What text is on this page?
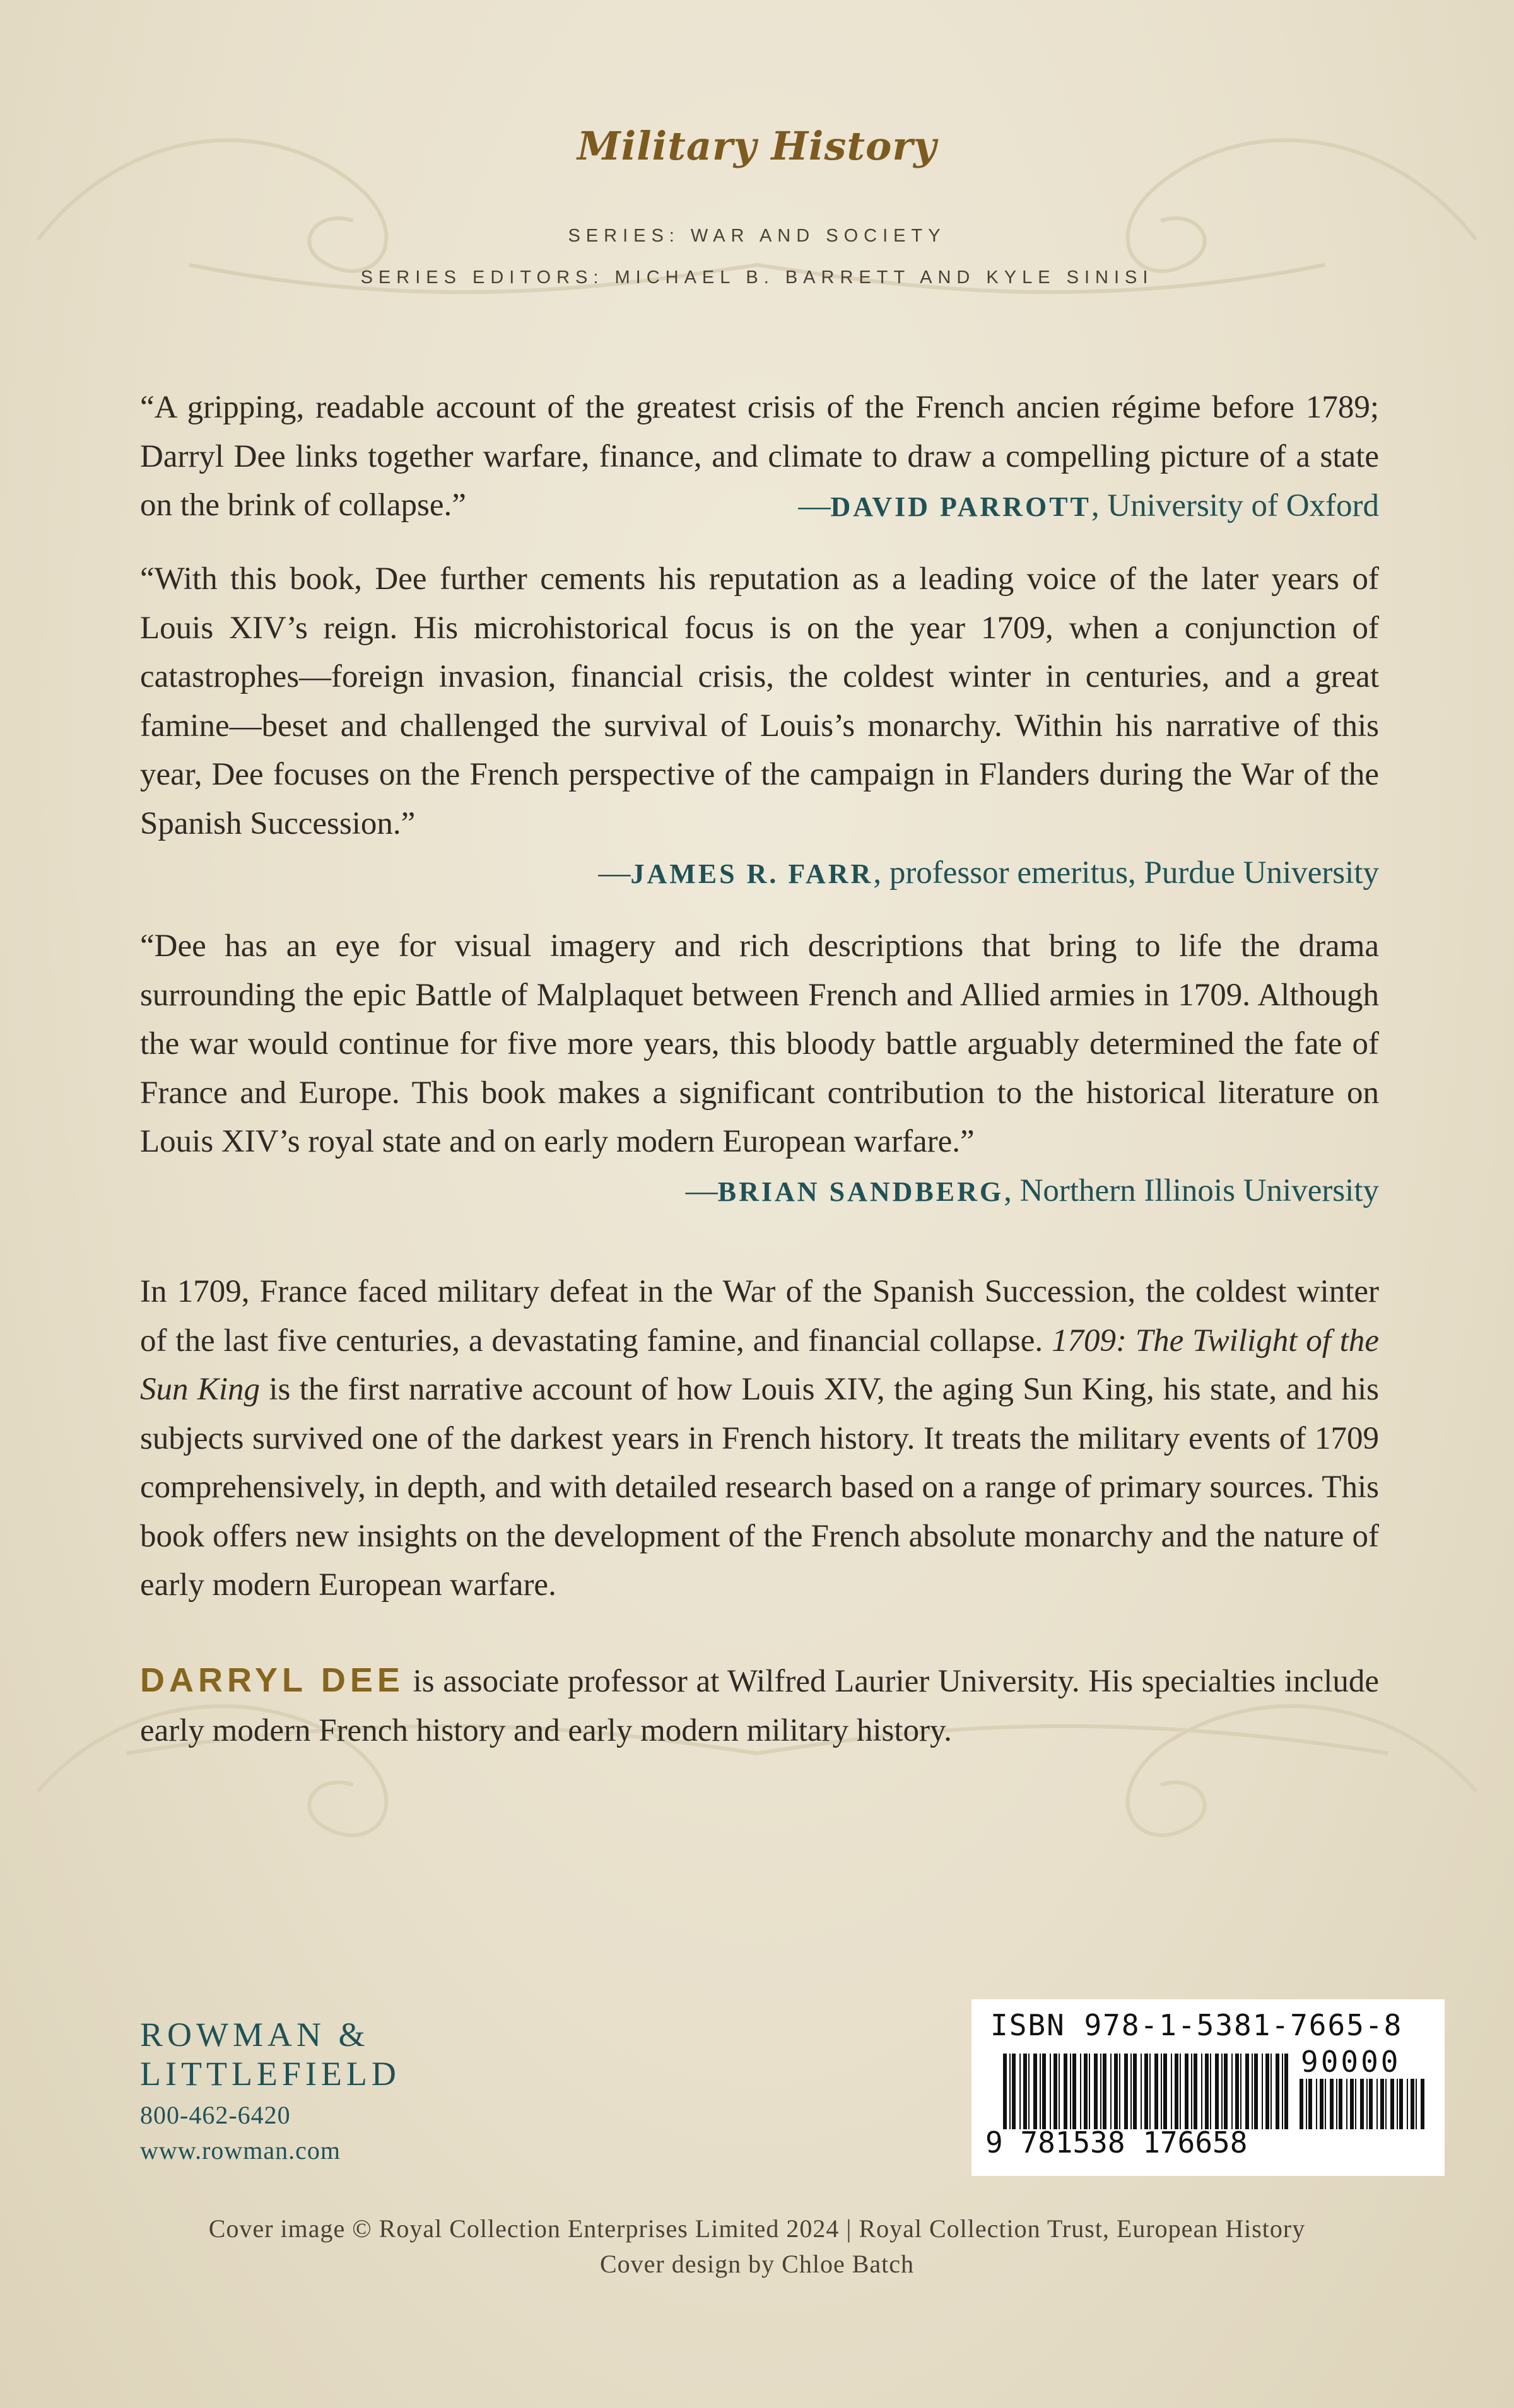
Military History
SERIES: WAR AND SOCIETY
SERIES EDITORS: MICHAEL B. BARRETT AND KYLE SINISI

“A gripping, readable account of the greatest crisis of the French ancien régime before 1789; Darryl Dee links together warfare, finance, and climate to draw a compelling picture of a state on the brink of collapse.”	—DAVID PARROTT, University of Oxford

“With this book, Dee further cements his reputation as a leading voice of the later years of Louis XIV’s reign. His microhistorical focus is on the year 1709, when a conjunction of catastrophes—foreign invasion, financial crisis, the coldest winter in centuries, and a great famine—beset and challenged the survival of Louis’s monarchy. Within his narrative of this year, Dee focuses on the French perspective of the campaign in Flanders during the War of the Spanish Succession.”

—JAMES R. FARR, professor emeritus, Purdue University

“Dee has an eye for visual imagery and rich descriptions that bring to life the drama surrounding the epic Battle of Malplaquet between French and Allied armies in 1709. Although the war would continue for five more years, this bloody battle arguably determined the fate of France and Europe. This book makes a significant contribution to the historical literature on Louis XIV’s royal state and on early modern European warfare.”

—BRIAN SANDBERG, Northern Illinois University

In 1709, France faced military defeat in the War of the Spanish Succession, the coldest winter of the last five centuries, a devastating famine, and financial collapse. 1709: The Twilight of the Sun King is the first narrative account of how Louis XIV, the aging Sun King, his state, and his subjects survived one of the darkest years in French history. It treats the military events of 1709 comprehensively, in depth, and with detailed research based on a range of primary sources. This book offers new insights on the development of the French absolute monarchy and the nature of early modern European warfare.

DARRYL DEE is associate professor at Wilfred Laurier University. His specialties include early modern French history and early modern military history.

ROWMAN &
LITTLEFIELD
800-462-6420
www.rowman.com
ISBN 978-1-5381-7665-8
90000
9 781538 176658
Cover image © Royal Collection Enterprises Limited 2024 | Royal Collection Trust, European History
Cover design by Chloe Batch
